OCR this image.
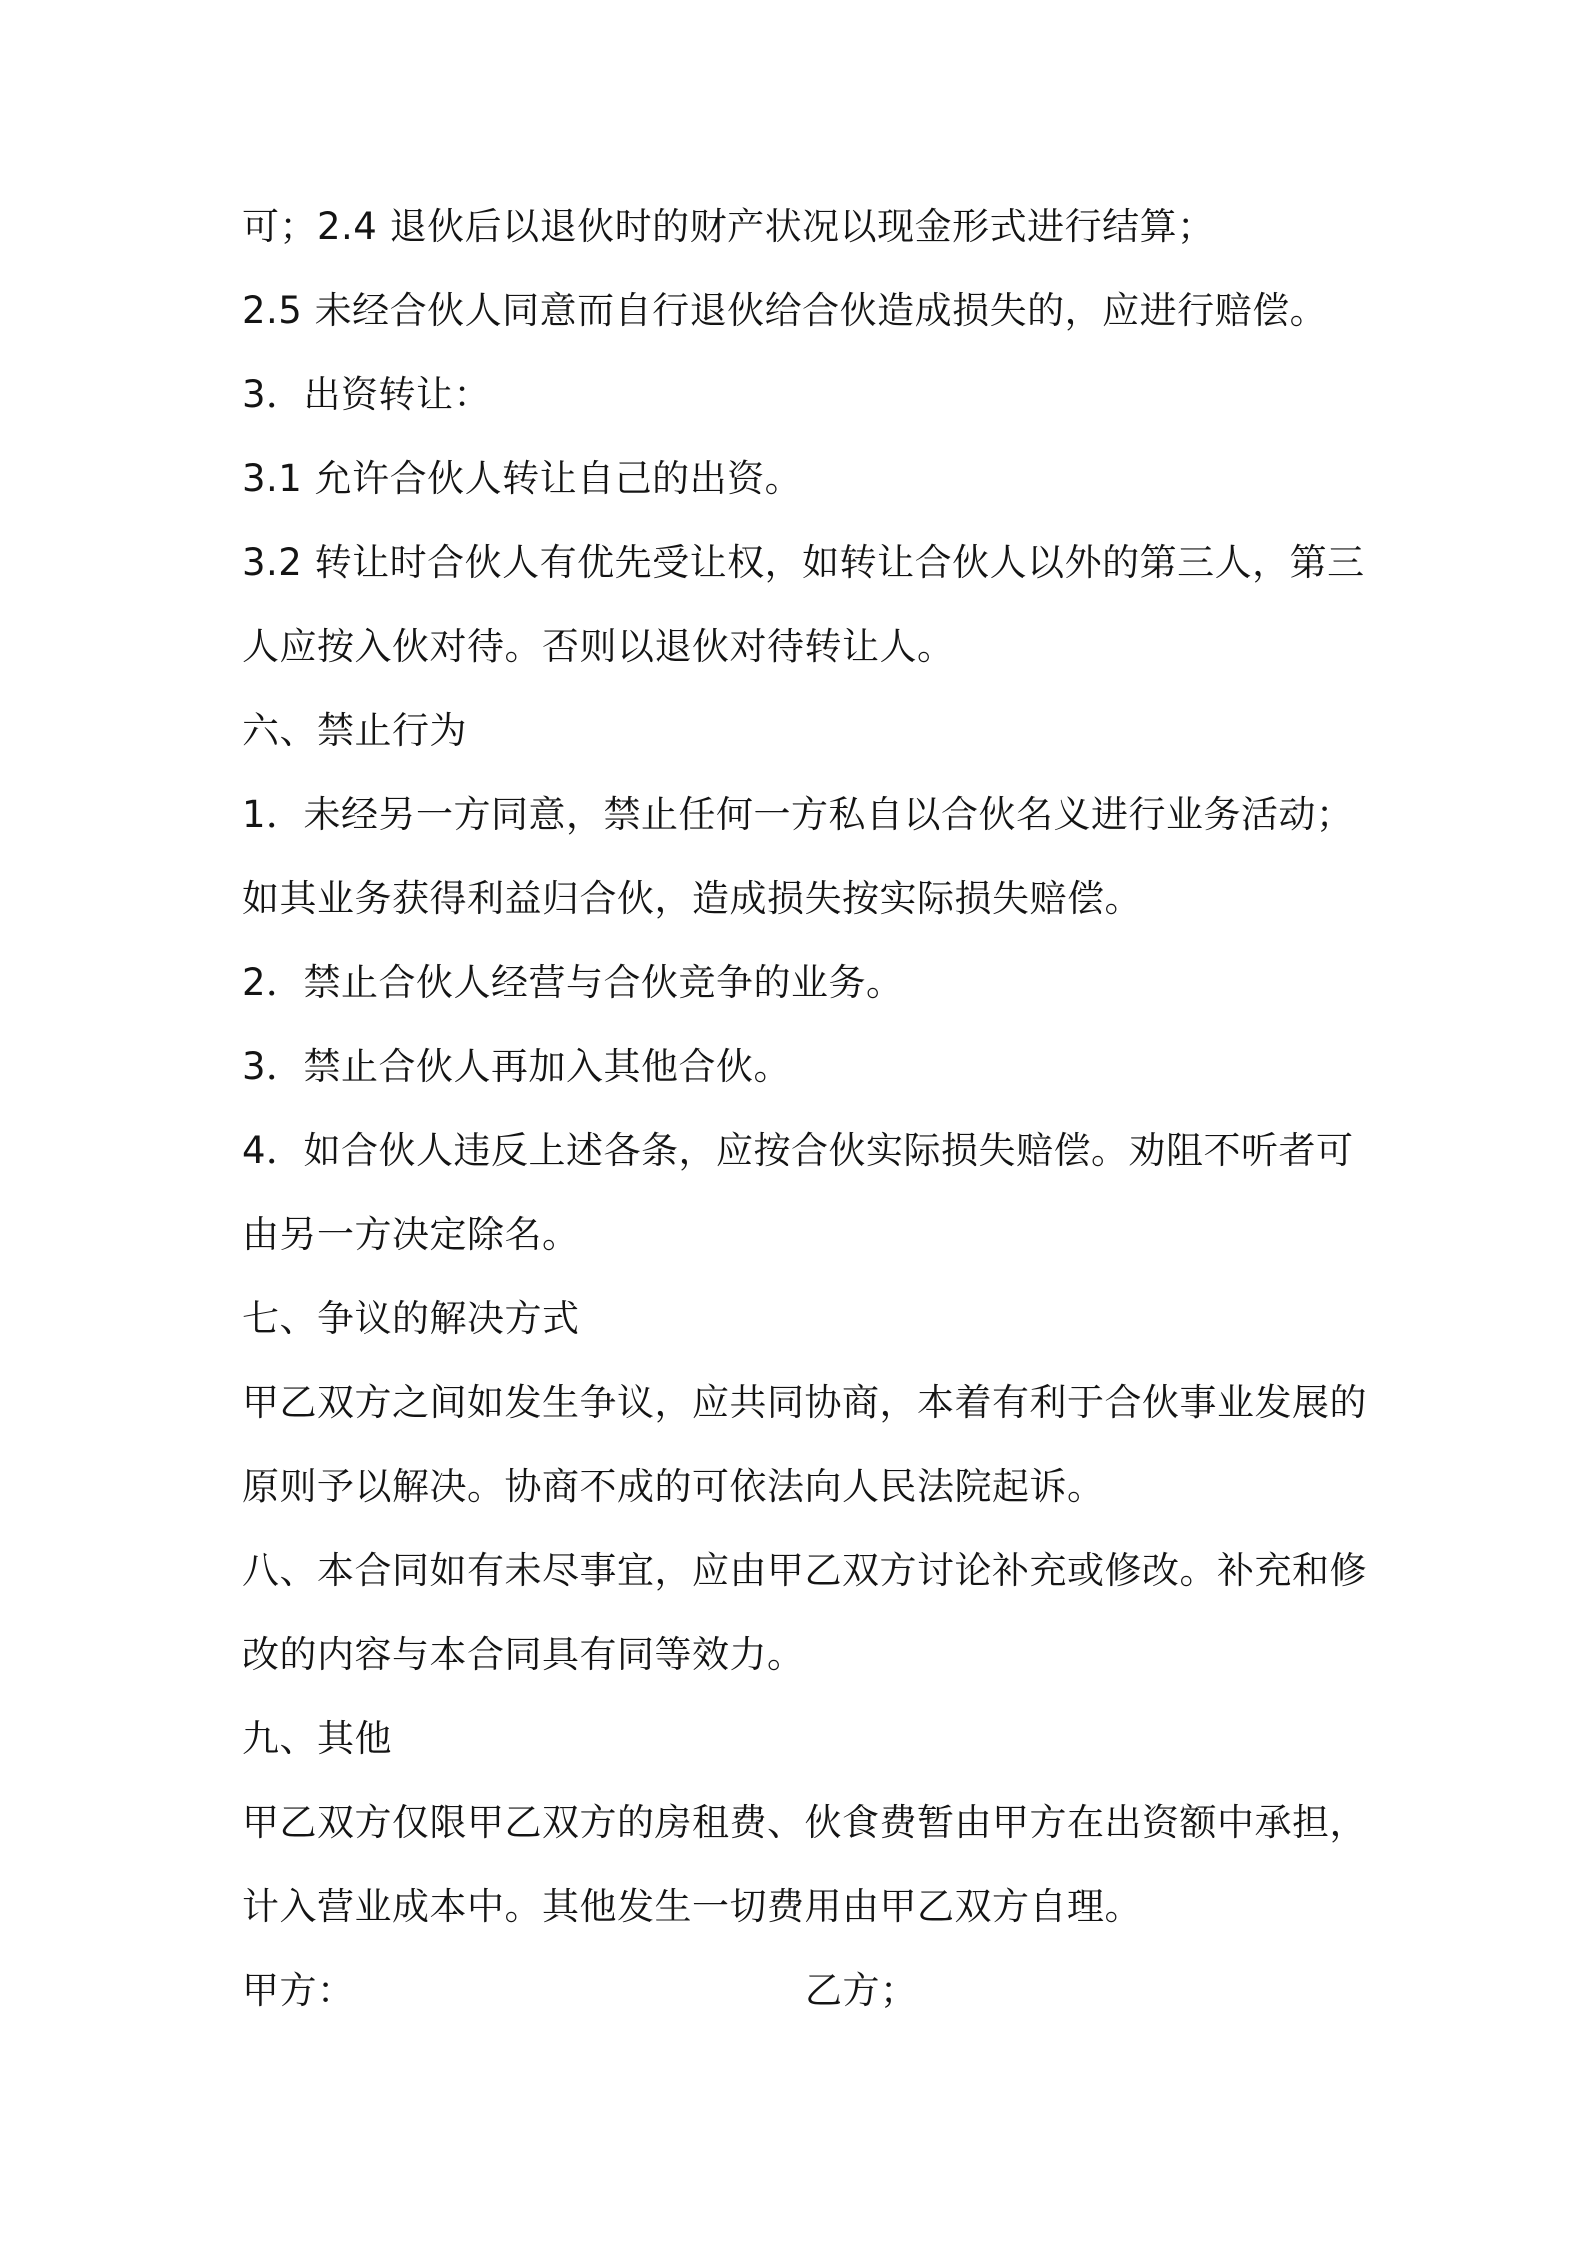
可；2.4 退伙后以退伙时的财产状况以现金形式进行结算；
2.5 未经合伙人同意而自行退伙给合伙造成损失的，应进行赔偿。
3．出资转让：
3.1 允许合伙人转让自己的出资。
3.2 转让时合伙人有优先受让权，如转让合伙人以外的第三人，第三
人应按入伙对待。否则以退伙对待转让人。
六、禁止行为
1．未经另一方同意，禁止任何一方私自以合伙名义进行业务活动；
如其业务获得利益归合伙，造成损失按实际损失赔偿。
2．禁止合伙人经营与合伙竞争的业务。
3．禁止合伙人再加入其他合伙。
4．如合伙人违反上述各条，应按合伙实际损失赔偿。劝阻不听者可
由另一方决定除名。
七、争议的解决方式
甲乙双方之间如发生争议，应共同协商，本着有利于合伙事业发展的
原则予以解决。协商不成的可依法向人民法院起诉。
八、本合同如有未尽事宜，应由甲乙双方讨论补充或修改。补充和修
改的内容与本合同具有同等效力。
九、其他
甲乙双方仅限甲乙双方的房租费、伙食费暂由甲方在出资额中承担，
计入营业成本中。其他发生一切费用由甲乙双方自理。
甲方：	乙方；
